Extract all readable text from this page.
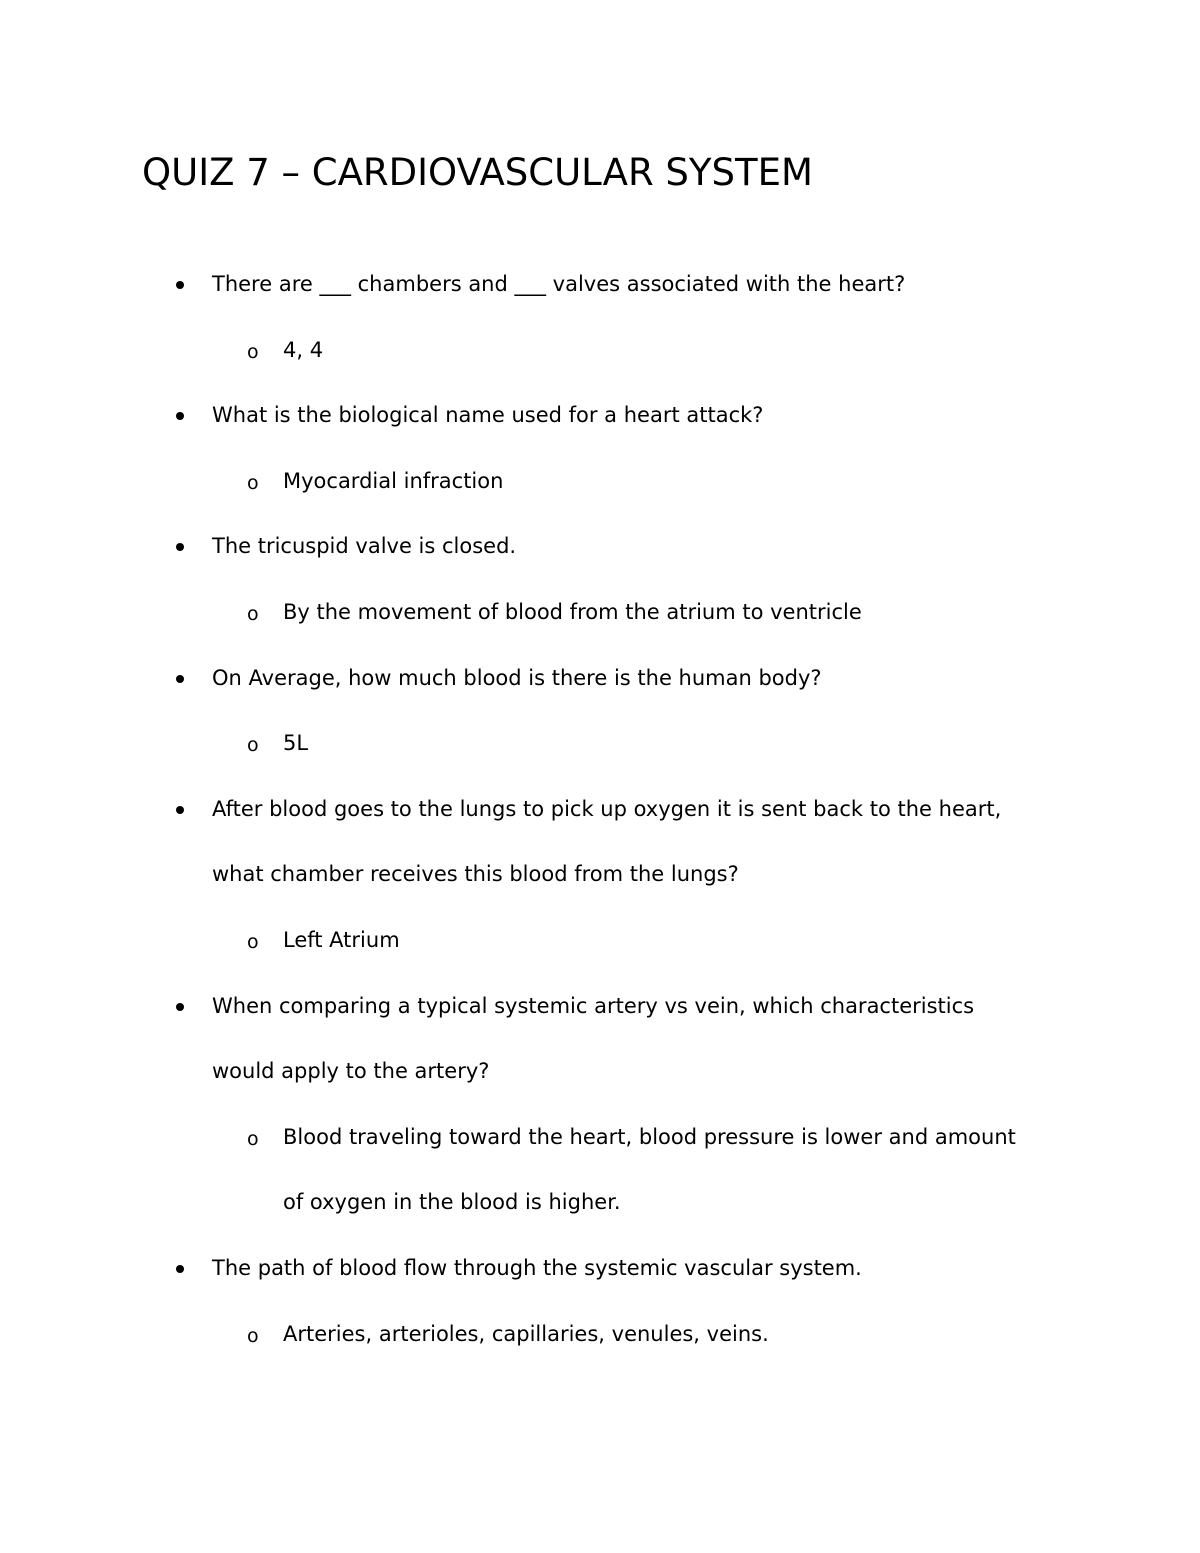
QUIZ 7 – CARDIOVASCULAR SYSTEM
There are ___ chambers and ___ valves associated with the heart?
o 4, 4
What is the biological name used for a heart attack?
o Myocardial infraction
The tricuspid valve is closed.
o By the movement of blood from the atrium to ventricle
On Average, how much blood is there is the human body?
o 5L
After blood goes to the lungs to pick up oxygen it is sent back to the heart,
what chamber receives this blood from the lungs?
o Left Atrium
When comparing a typical systemic artery vs vein, which characteristics
would apply to the artery?
o Blood traveling toward the heart, blood pressure is lower and amount
of oxygen in the blood is higher.
The path of blood flow through the systemic vascular system.
o Arteries, arterioles, capillaries, venules, veins.
